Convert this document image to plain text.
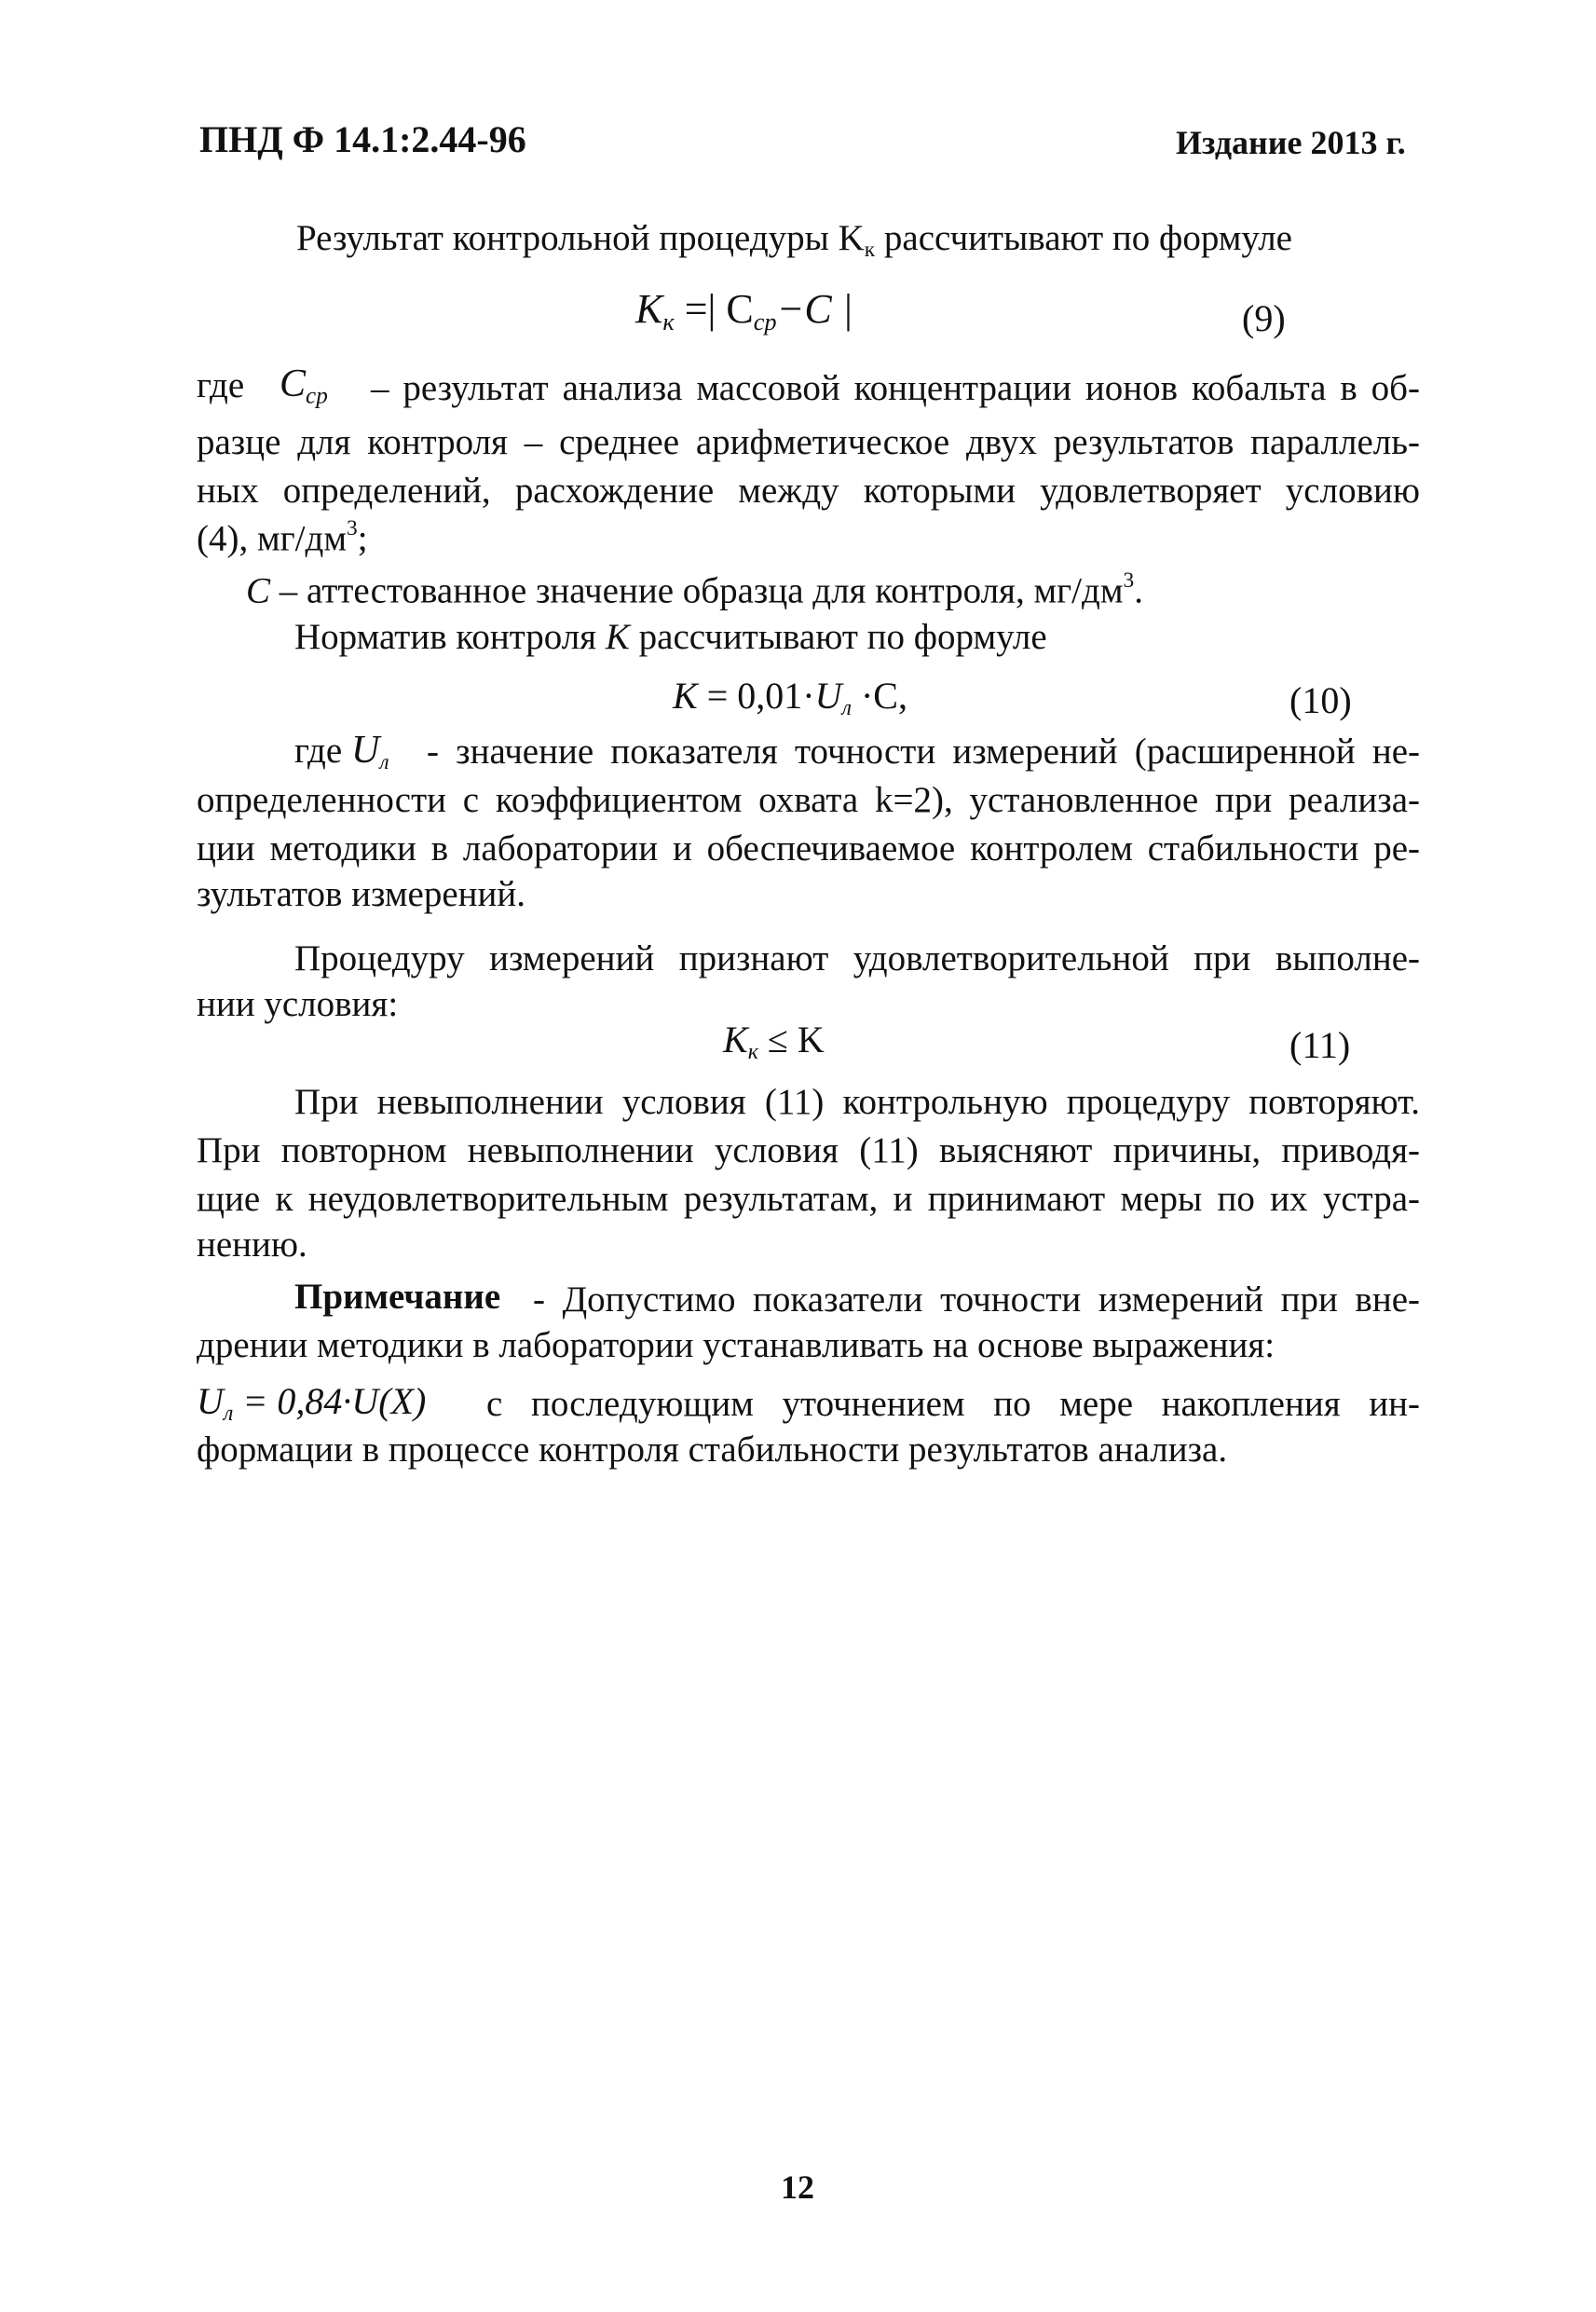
ПНД Ф 14.1:2.44-96	Издание 2013 г.
Результат контрольной процедуры $K_к$ рассчитывают по формуле
$K_к$ =| $C_{ср}-C$ |	(9)
где $C_{ср}$ – результат анализа массовой концентрации ионов кобальта в об-
разце для контроля – среднее арифметическое двух результатов параллель-
ных определений, расхождение между которыми удовлетворяет условию
(4), $мг/дм^3$;
C – аттестованное значение образца для контроля, $мг/дм^3$.
Норматив контроля K рассчитывают по формуле
$K = 0,01\cdot U_л \cdot C$,	(10)
где $U_л$ - значение показателя точности измерений (расширенной не-
определенности с коэффициентом охвата k=2), установленное при реализа-
ции методики в лаборатории и обеспечиваемое контролем стабильности ре-
зультатов измерений.
Процедуру измерений признают удовлетворительной при выполне-
нии условия:
$K_к \le K$	(11)
При невыполнении условия (11) контрольную процедуру повторяют.
При повторном невыполнении условия (11) выясняют причины, приводя-
щие к неудовлетворительным результатам, и принимают меры по их устра-
нению.
Примечание - Допустимо показатели точности измерений при вне-
дрении методики в лаборатории устанавливать на основе выражения:
$U_л = 0,84\cdot U(X)$ с последующим уточнением по мере накопления ин-
формации в процессе контроля стабильности результатов анализа.
12
